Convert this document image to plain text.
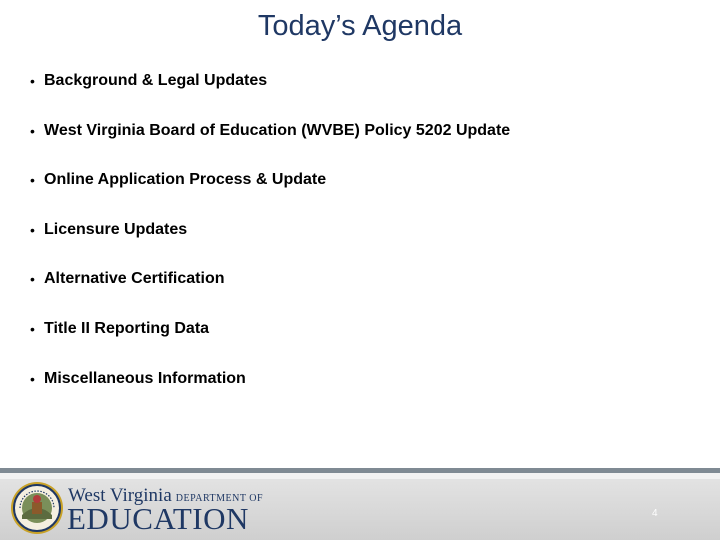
Today’s Agenda
• Background & Legal Updates
• West Virginia Board of Education (WVBE) Policy 5202 Update
• Online Application Process & Update
• Licensure Updates
• Alternative Certification
• Title II Reporting Data
• Miscellaneous Information
West Virginia DEPARTMENT OF
EDUCATION	4
